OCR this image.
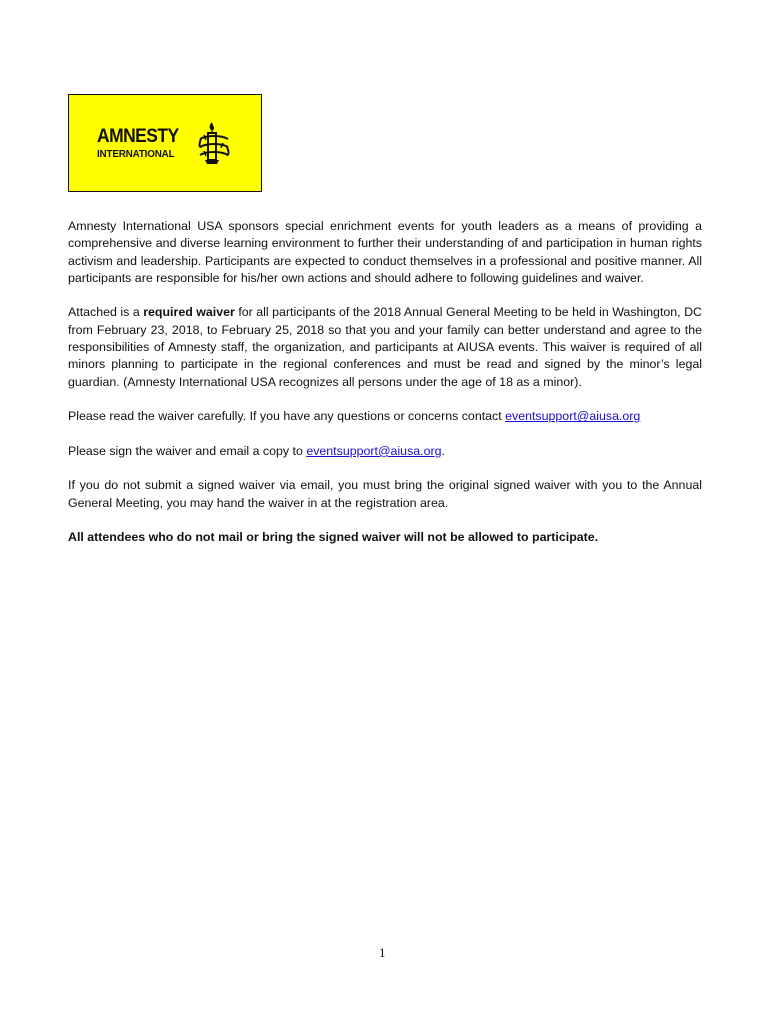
AMNESTY
INTERNATIONAL

Amnesty International USA sponsors special enrichment events for youth leaders as a means of providing a comprehensive and diverse learning environment to further their understanding of and participation in human rights activism and leadership. Participants are expected to conduct themselves in a professional and positive manner. All participants are responsible for his/her own actions and should adhere to following guidelines and waiver.

Attached is a required waiver for all participants of the 2018 Annual General Meeting to be held in Washington, DC from February 23, 2018, to February 25, 2018 so that you and your family can better understand and agree to the responsibilities of Amnesty staff, the organization, and participants at AIUSA events. This waiver is required of all minors planning to participate in the regional conferences and must be read and signed by the minor’s legal guardian. (Amnesty International USA recognizes all persons under the age of 18 as a minor).

Please read the waiver carefully. If you have any questions or concerns contact eventsupport@aiusa.org

Please sign the waiver and email a copy to eventsupport@aiusa.org.

If you do not submit a signed waiver via email, you must bring the original signed waiver with you to the Annual General Meeting, you may hand the waiver in at the registration area.

All attendees who do not mail or bring the signed waiver will not be allowed to participate.

1
